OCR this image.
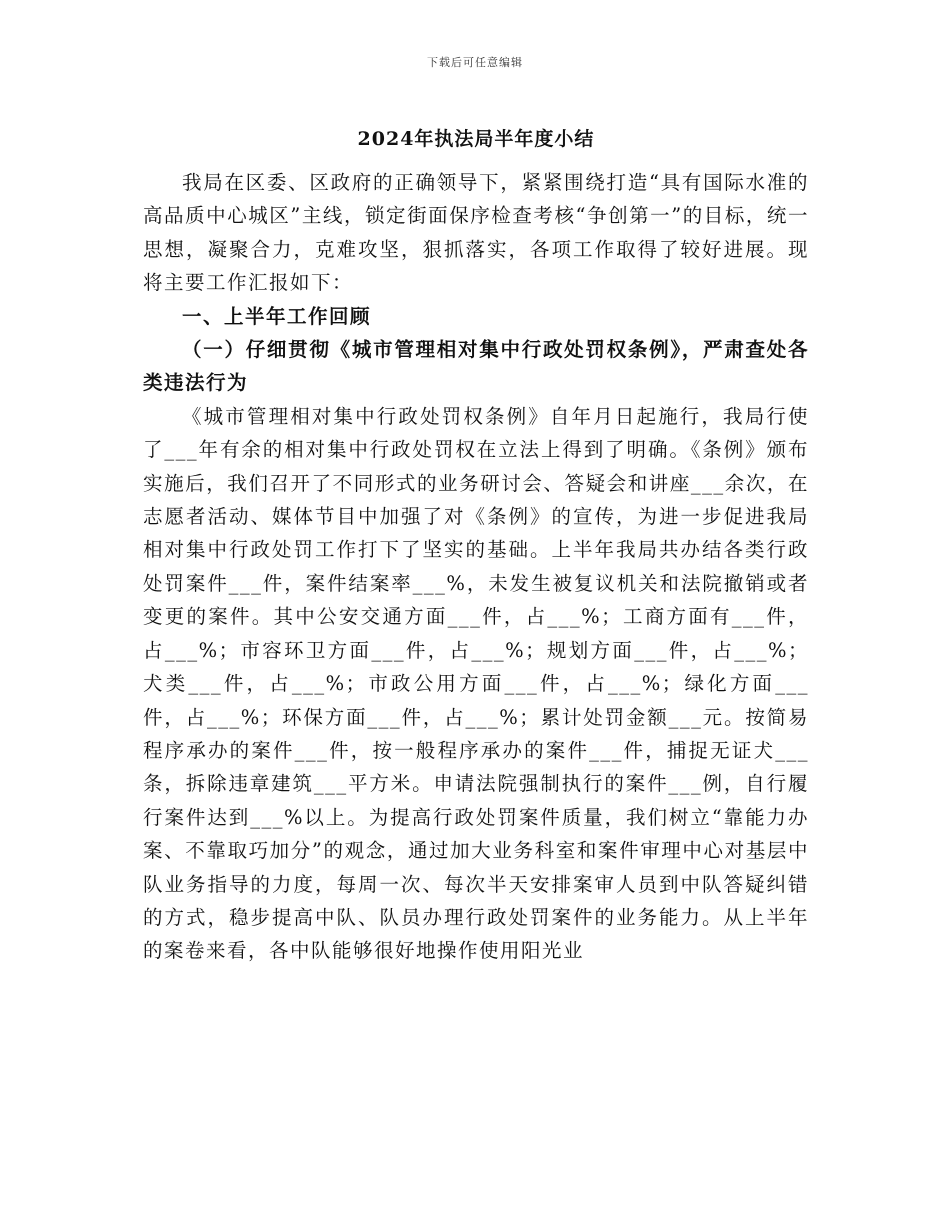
下载后可任意编辑
2024年执法局半年度小结

我局在区委、区政府的正确领导下，紧紧围绕打造“具有国际水准的高品质中心城区”主线，锁定街面保序检查考核“争创第一”的目标，统一思想，凝聚合力，克难攻坚，狠抓落实，各项工作取得了较好进展。现将主要工作汇报如下：

一、上半年工作回顾

（一）仔细贯彻《城市管理相对集中行政处罚权条例》，严肃查处各类违法行为

《城市管理相对集中行政处罚权条例》自年月日起施行，我局行使了___年有余的相对集中行政处罚权在立法上得到了明确。《条例》颁布实施后，我们召开了不同形式的业务研讨会、答疑会和讲座___余次，在志愿者活动、媒体节目中加强了对《条例》的宣传，为进一步促进我局相对集中行政处罚工作打下了坚实的基础。上半年我局共办结各类行政处罚案件___件，案件结案率___%，未发生被复议机关和法院撤销或者变更的案件。其中公安交通方面___件，占___%；工商方面有___件，占___%；市容环卫方面___件，占___%；规划方面___件，占___%；犬类___件，占___%；市政公用方面___件，占___%；绿化方面___件，占___%；环保方面___件，占___%；累计处罚金额___元。按简易程序承办的案件___件，按一般程序承办的案件___件，捕捉无证犬___条，拆除违章建筑___平方米。申请法院强制执行的案件___例，自行履行案件达到___%以上。为提高行政处罚案件质量，我们树立“靠能力办案、不靠取巧加分”的观念，通过加大业务科室和案件审理中心对基层中队业务指导的力度，每周一次、每次半天安排案审人员到中队答疑纠错的方式，稳步提高中队、队员办理行政处罚案件的业务能力。从上半年的案卷来看，各中队能够很好地操作使用阳光业
